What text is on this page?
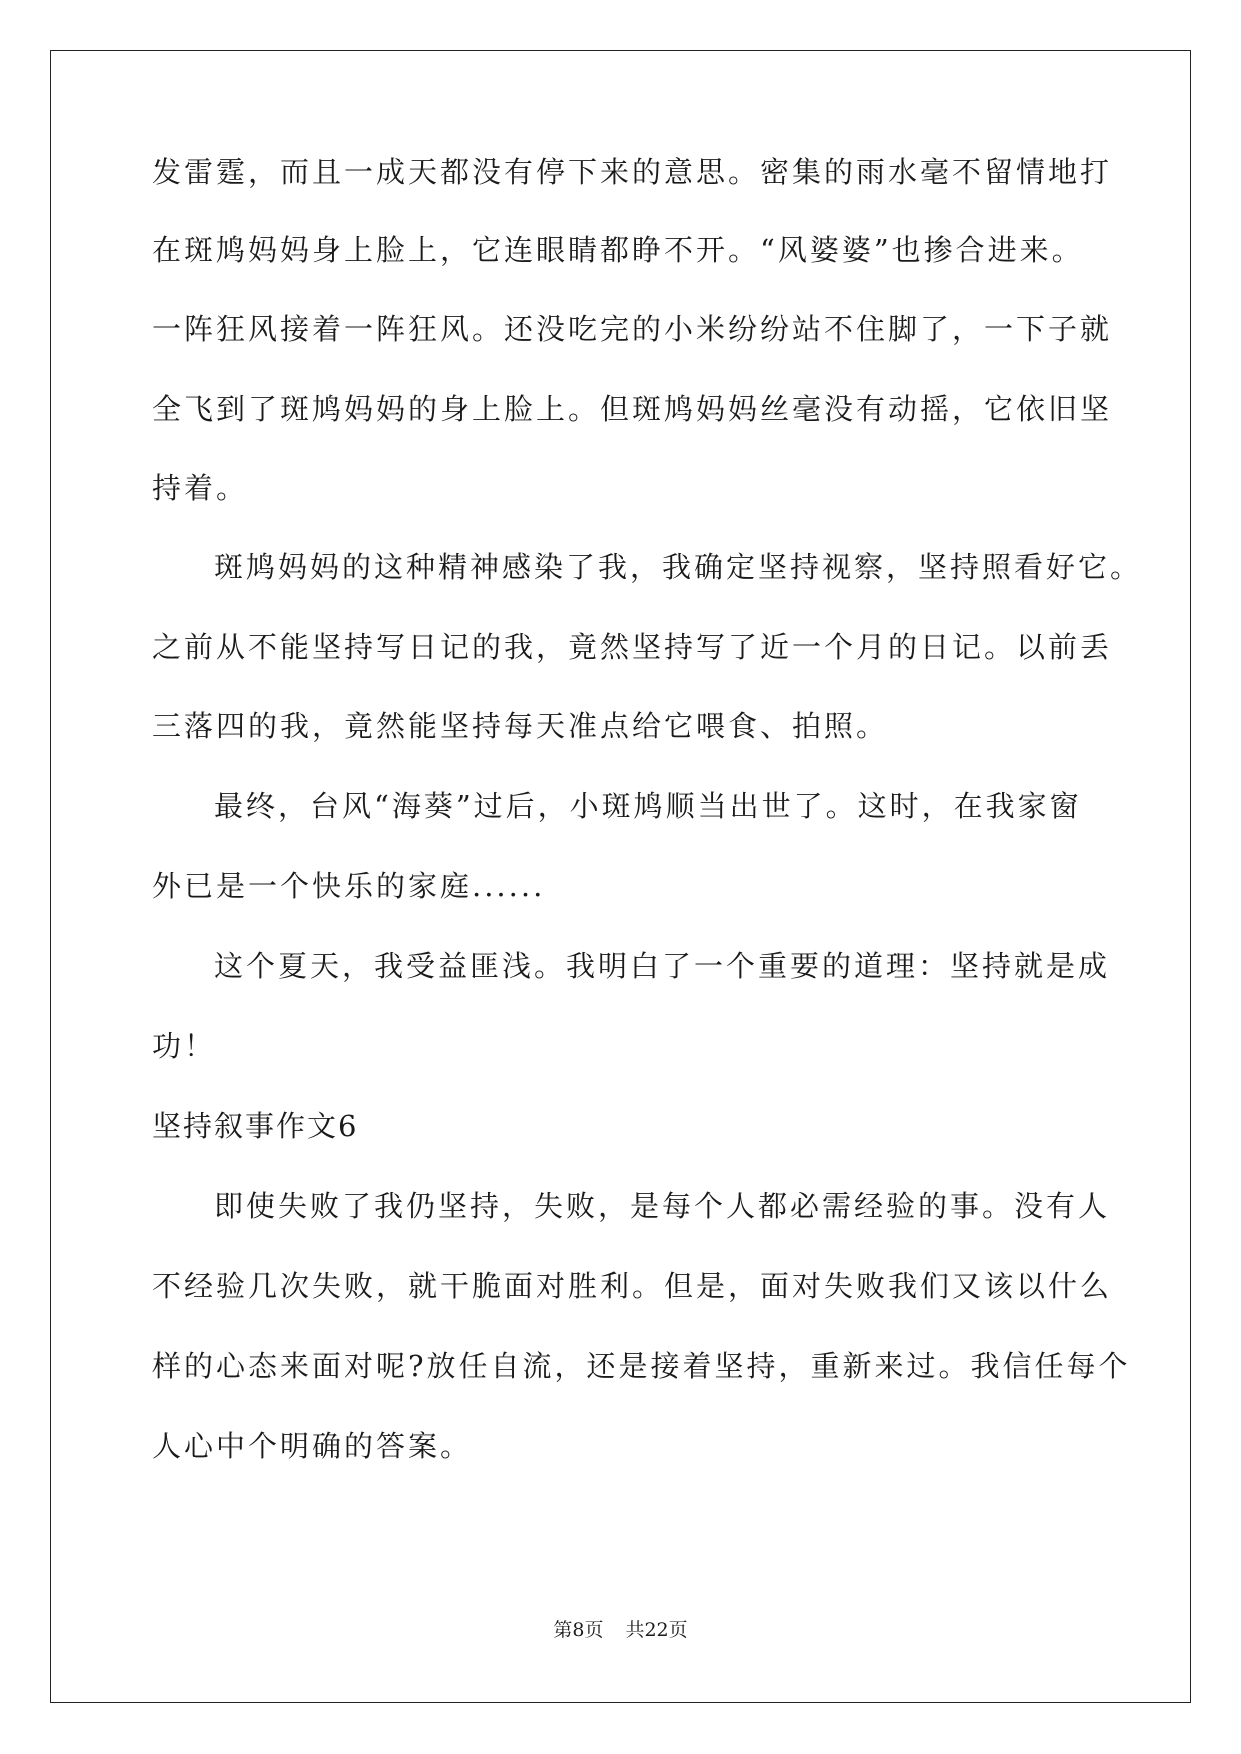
发雷霆，而且一成天都没有停下来的意思。密集的雨水毫不留情地打
在斑鸠妈妈身上脸上，它连眼睛都睁不开。“风婆婆”也掺合进来。
一阵狂风接着一阵狂风。还没吃完的小米纷纷站不住脚了，一下子就
全飞到了斑鸠妈妈的身上脸上。但斑鸠妈妈丝毫没有动摇，它依旧坚
持着。
斑鸠妈妈的这种精神感染了我，我确定坚持视察，坚持照看好它。
之前从不能坚持写日记的我，竟然坚持写了近一个月的日记。以前丢
三落四的我，竟然能坚持每天准点给它喂食、拍照。
最终，台风“海葵”过后，小斑鸠顺当出世了。这时，在我家窗
外已是一个快乐的家庭......
这个夏天，我受益匪浅。我明白了一个重要的道理：坚持就是成
功！
坚持叙事作文6
即使失败了我仍坚持，失败，是每个人都必需经验的事。没有人
不经验几次失败，就干脆面对胜利。但是，面对失败我们又该以什么
样的心态来面对呢?放任自流，还是接着坚持，重新来过。我信任每个
人心中个明确的答案。
第8页 共22页
